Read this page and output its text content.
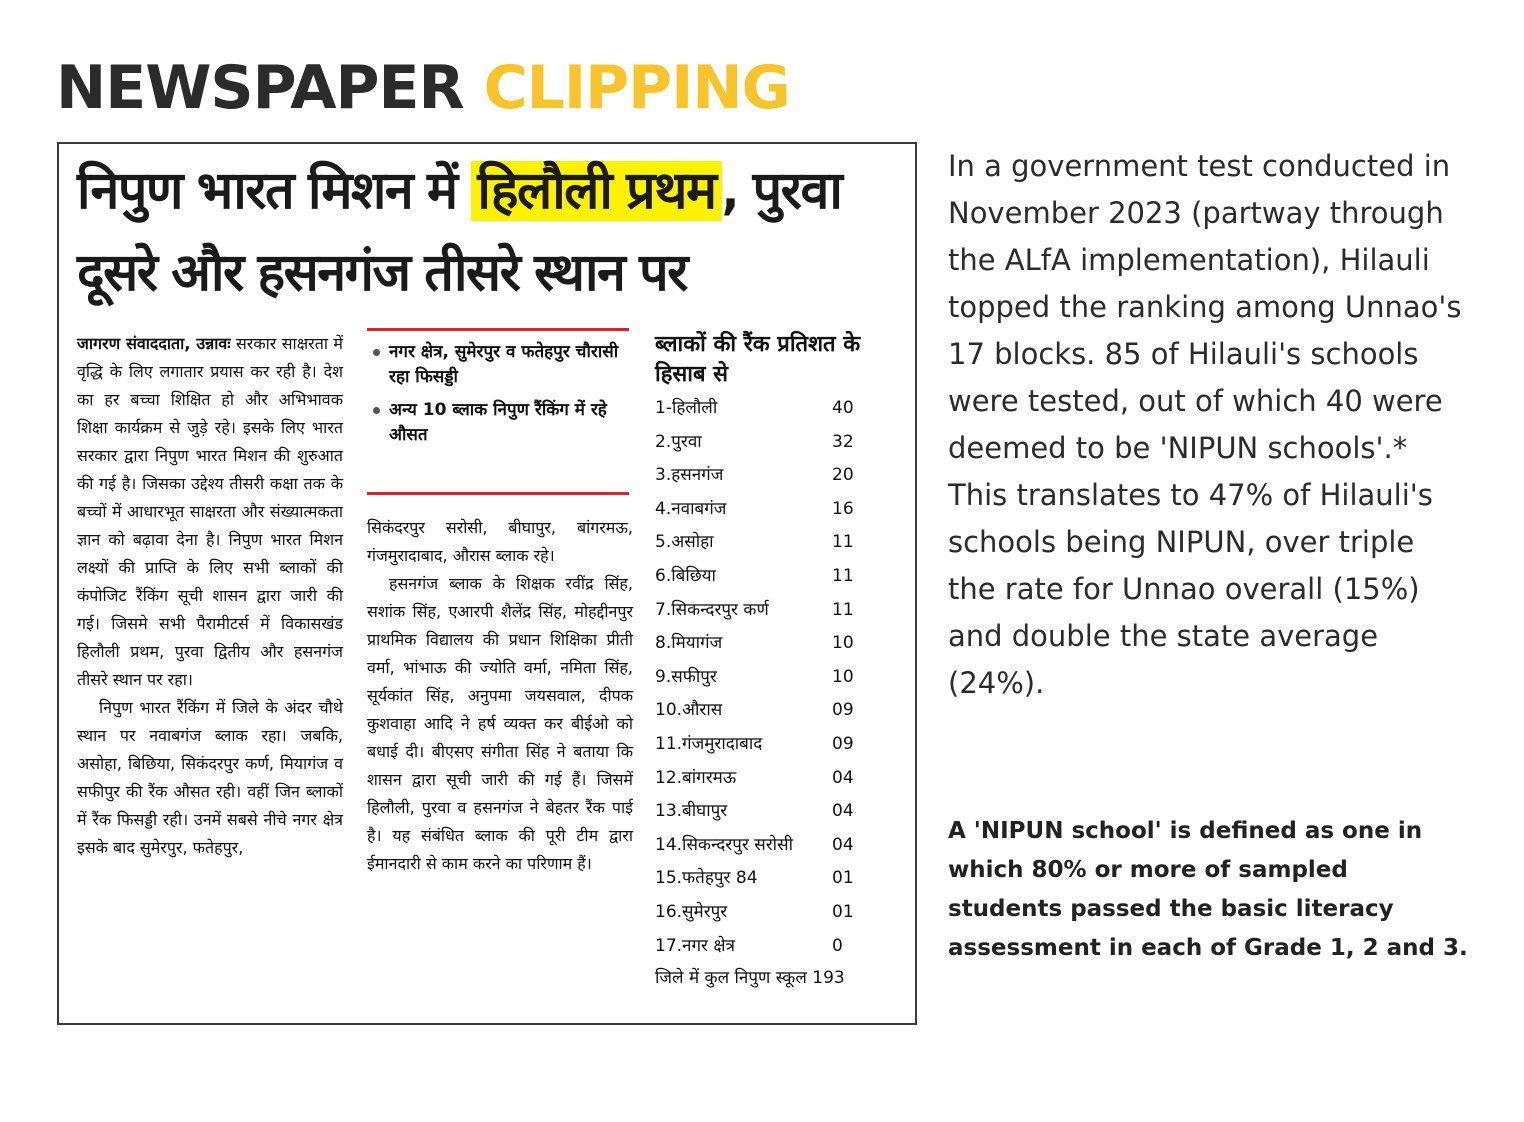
NEWSPAPER CLIPPING
निपुण भारत मिशन में हिलौली प्रथम , पुरवा दूसरे और हसनगंज तीसरे स्थान पर

जागरण संवाददाता, उन्नावः सरकार साक्षरता में वृद्धि के लिए लगातार प्रयास कर रही है। देश का हर बच्चा शिक्षित हो और अभिभावक शिक्षा कार्यक्रम से जुड़े रहे। इसके लिए भारत सरकार द्वारा निपुण भारत मिशन की शुरुआत की गई है। जिसका उद्देश्य तीसरी कक्षा तक के बच्चों में आधारभूत साक्षरता और संख्यात्मकता ज्ञान को बढ़ावा देना है। निपुण भारत मिशन लक्ष्यों की प्राप्ति के लिए सभी ब्लाकों की कंपोजिट रैंकिंग सूची शासन द्वारा जारी की गई। जिसमे सभी पैरामीटर्स में विकासखंड हिलौली प्रथम, पुरवा द्वितीय और हसनगंज तीसरे स्थान पर रहा।

निपुण भारत रैंकिंग में जिले के अंदर चौथे स्थान पर नवाबगंज ब्लाक रहा। जबकि, असोहा, बिछिया, सिकंदरपुर कर्ण, मियागंज व सफीपुर की रैंक औसत रही। वहीं जिन ब्लाकों में रैंक फिसड्डी रही। उनमें सबसे नीचे नगर क्षेत्र इसके बाद सुमेरपुर, फतेहपुर,

नगर क्षेत्र, सुमेरपुर व फतेहपुर चौरासी रहा फिसड्डी
अन्य 10 ब्लाक निपुण रैंकिंग में रहे औसत

सिकंदरपुर सरोसी, बीघापुर, बांगरमऊ, गंजमुरादाबाद, औरास ब्लाक रहे।

हसनगंज ब्लाक के शिक्षक रवींद्र सिंह, सशांक सिंह, एआरपी शैलेंद्र सिंह, मोहद्दीनपुर प्राथमिक विद्यालय की प्रधान शिक्षिका प्रीती वर्मा, भांभाऊ की ज्योति वर्मा, नमिता सिंह, सूर्यकांत सिंह, अनुपमा जयसवाल, दीपक कुशवाहा आदि ने हर्ष व्यक्त कर बीईओ को बधाई दी। बीएसए संगीता सिंह ने बताया कि शासन द्वारा सूची जारी की गई हैं। जिसमें हिलौली, पुरवा व हसनगंज ने बेहतर रैंक पाई है। यह संबंधित ब्लाक की पूरी टीम द्वारा ईमानदारी से काम करने का परिणाम हैं।

ब्लाकों की रैंक प्रतिशत के हिसाब से

1-हिलौली	40
2.पुरवा	32
3.हसनगंज	20
4.नवाबगंज	16
5.असोहा	11
6.बिछिया	11
7.सिकन्दरपुर कर्ण	11
8.मियागंज	10
9.सफीपुर	10
10.औरास	09
11.गंजमुरादाबाद	09
12.बांगरमऊ	04
13.बीघापुर	04
14.सिकन्दरपुर सरोसी 04
15.फतेहपुर 84	01
16.सुमेरपुर	01
17.नगर क्षेत्र	0
जिले में कुल निपुण स्कूल 193

In a government test conducted in November 2023 (partway through the ALfA implementation), Hilauli topped the ranking among Unnao's 17 blocks. 85 of Hilauli's schools were tested, out of which 40 were deemed to be 'NIPUN schools'.* This translates to 47% of Hilauli's schools being NIPUN, over triple the rate for Unnao overall (15%) and double the state average (24%).

A 'NIPUN school' is defined as one in which 80% or more of sampled students passed the basic literacy assessment in each of Grade 1, 2 and 3.
